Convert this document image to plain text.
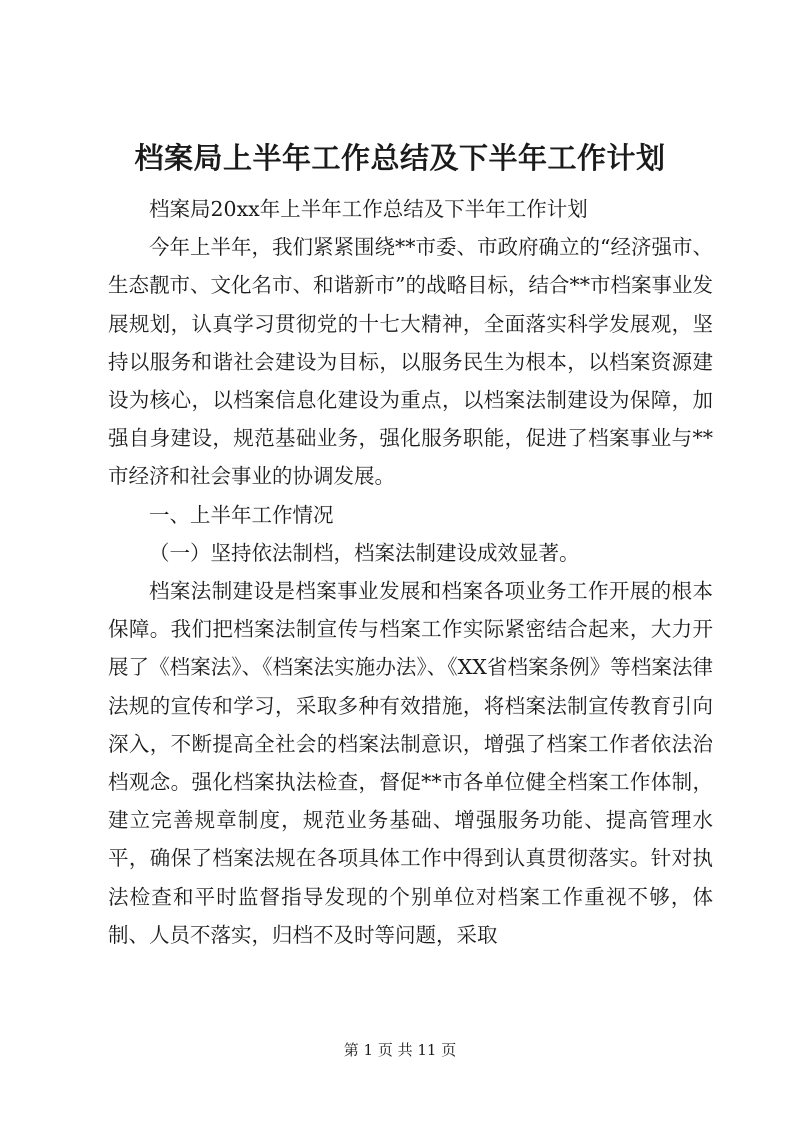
档案局上半年工作总结及下半年工作计划

档案局20xx年上半年工作总结及下半年工作计划

今年上半年，我们紧紧围绕**市委、市政府确立的“经济强市、生态靓市、文化名市、和谐新市”的战略目标，结合**市档案事业发展规划，认真学习贯彻党的十七大精神，全面落实科学发展观，坚持以服务和谐社会建设为目标，以服务民生为根本，以档案资源建设为核心，以档案信息化建设为重点，以档案法制建设为保障，加强自身建设，规范基础业务，强化服务职能，促进了档案事业与**市经济和社会事业的协调发展。

一、上半年工作情况

（一）坚持依法制档，档案法制建设成效显著。

档案法制建设是档案事业发展和档案各项业务工作开展的根本保障。我们把档案法制宣传与档案工作实际紧密结合起来，大力开展了《档案法》、《档案法实施办法》、《XX省档案条例》等档案法律法规的宣传和学习，采取多种有效措施，将档案法制宣传教育引向深入，不断提高全社会的档案法制意识，增强了档案工作者依法治档观念。强化档案执法检查，督促**市各单位健全档案工作体制，建立完善规章制度，规范业务基础、增强服务功能、提高管理水平，确保了档案法规在各项具体工作中得到认真贯彻落实。针对执法检查和平时监督指导发现的个别单位对档案工作重视不够，体制、人员不落实，归档不及时等问题，采取

第 1 页 共 11 页
